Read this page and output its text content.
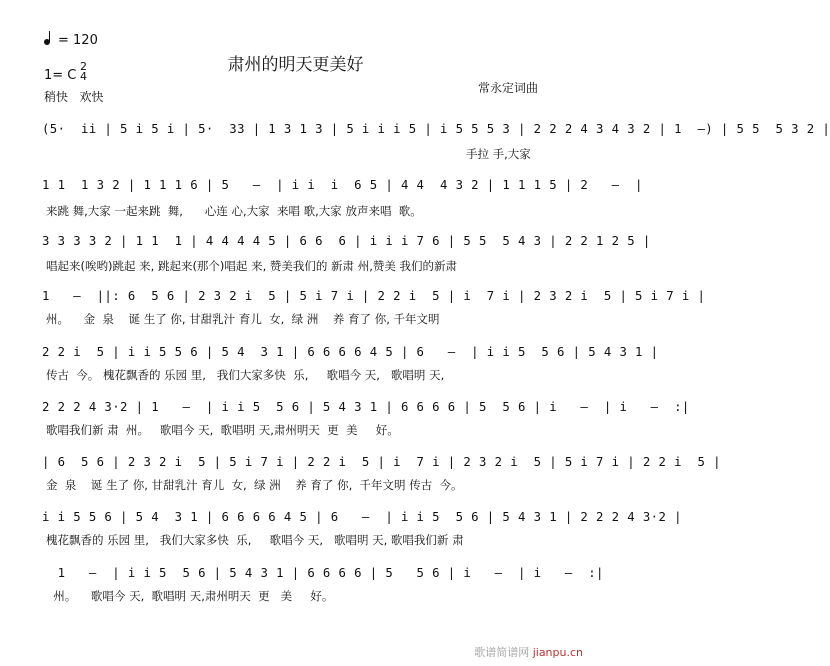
= 120
1= C
2
4
稍快   欢快
肃州的明天更美好
常永定词曲
(5·  ii | 5 i 5 i | 5·  33 | 1 3 1 3 | 5 i i i 5 | i 5 5 5 3 | 2 2 2 4 3 4 3 2 | 1  –) | 5 5  5 3 2 |
手拉 手,大家
1 1  1 3 2 | 1 1 1 6 | 5   –  | i i  i  6 5 | 4 4  4 3 2 | 1 1 1 5 | 2   –  |
来跳 舞,大家 一起来跳  舞,      心连 心,大家  来唱 歌,大家 放声来唱  歌。
3 3 3 3 2 | 1 1  1 | 4 4 4 4 5 | 6 6  6 | i i i 7 6 | 5 5  5 4 3 | 2 2 1 2 5 |
唱起来(唉哟)跳起 来, 跳起来(那个)唱起 来, 赞美我们的 新肃 州,赞美 我们的新肃
1   –  ||: 6  5 6 | 2 3 2 i  5 | 5 i 7 i | 2 2 i  5 | i  7 i | 2 3 2 i  5 | 5 i 7 i |
州。    金  泉    诞 生了 你, 甘甜乳汁 育儿  女,  绿 洲    养 育了 你, 千年文明
2 2 i  5 | i i 5 5 6 | 5 4  3 1 | 6 6 6 6 4 5 | 6   –  | i i 5  5 6 | 5 4 3 1 |
传古  今。 槐花飘香的 乐园 里,   我们大家多快  乐,     歌唱今 天,   歌唱明 天,
2 2 2 4 3·2 | 1   –  | i i 5  5 6 | 5 4 3 1 | 6 6 6 6 | 5  5 6 | i   –  | i   –  :|
歌唱我们新 肃  州。   歌唱今 天,  歌唱明 天,肃州明天  更  美     好。
| 6  5 6 | 2 3 2 i  5 | 5 i 7 i | 2 2 i  5 | i  7 i | 2 3 2 i  5 | 5 i 7 i | 2 2 i  5 |
金  泉    诞 生了 你, 甘甜乳汁 育儿  女,  绿 洲    养 育了 你,  千年文明 传古  今。
i i 5 5 6 | 5 4  3 1 | 6 6 6 6 4 5 | 6   –  | i i 5  5 6 | 5 4 3 1 | 2 2 2 4 3·2 |
槐花飘香的 乐园 里,   我们大家多快  乐,     歌唱今 天,   歌唱明 天, 歌唱我们新 肃
1   –  | i i 5  5 6 | 5 4 3 1 | 6 6 6 6 | 5   5 6 | i   –  | i   –  :|
州。    歌唱今 天,  歌唱明 天,肃州明天  更   美     好。
歌谱简谱网 jianpu.cn
